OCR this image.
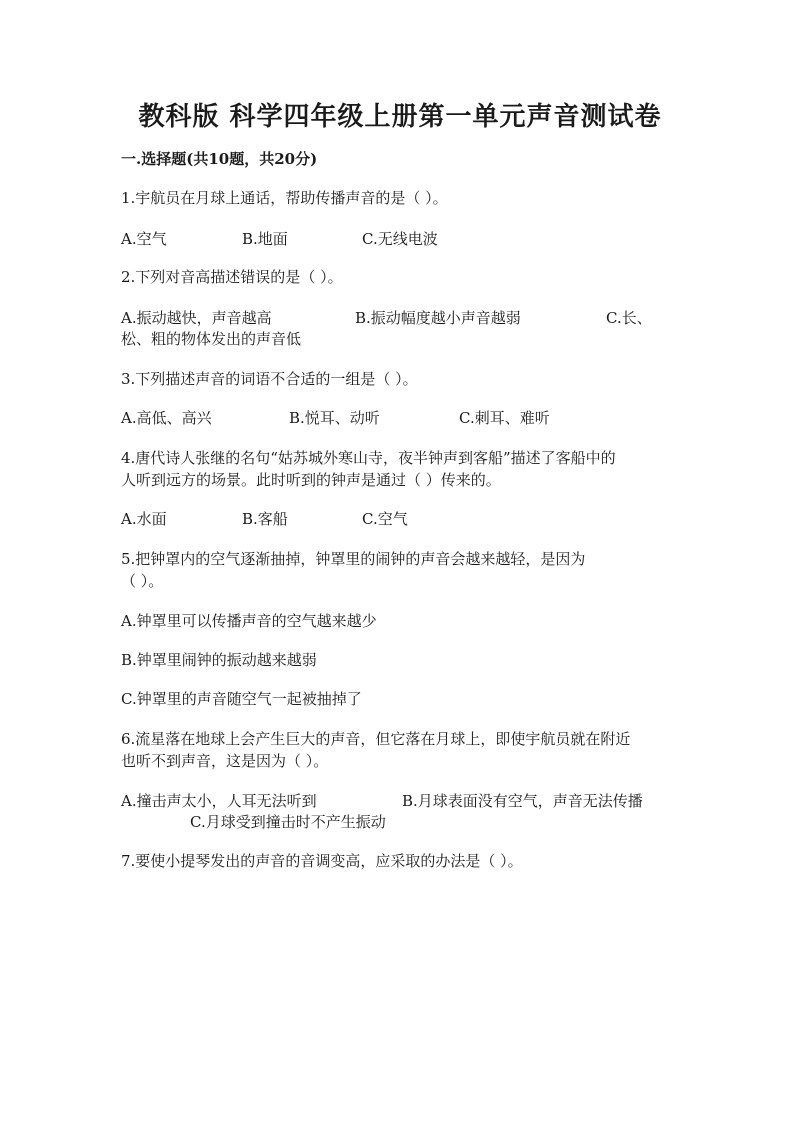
教科版 科学四年级上册第一单元声音测试卷
一.选择题(共10题，共20分)
1.宇航员在月球上通话，帮助传播声音的是（ ）。
A.空气	B.地面	C.无线电波
2.下列对音高描述错误的是（ ）。
A.振动越快，声音越高	B.振动幅度越小声音越弱	C.长、
松、粗的物体发出的声音低
3.下列描述声音的词语不合适的一组是（ ）。
A.高低、高兴	B.悦耳、动听	C.刺耳、难听
4.唐代诗人张继的名句“姑苏城外寒山寺，夜半钟声到客船”描述了客船中的
人听到远方的场景。此时听到的钟声是通过（ ）传来的。
A.水面	B.客船	C.空气
5.把钟罩内的空气逐渐抽掉，钟罩里的闹钟的声音会越来越轻，是因为
（ ）。
A.钟罩里可以传播声音的空气越来越少
B.钟罩里闹钟的振动越来越弱
C.钟罩里的声音随空气一起被抽掉了
6.流星落在地球上会产生巨大的声音，但它落在月球上，即使宇航员就在附近
也听不到声音，这是因为（ ）。
A.撞击声太小，人耳无法听到	B.月球表面没有空气，声音无法传播
C.月球受到撞击时不产生振动
7.要使小提琴发出的声音的音调变高，应采取的办法是（ ）。
